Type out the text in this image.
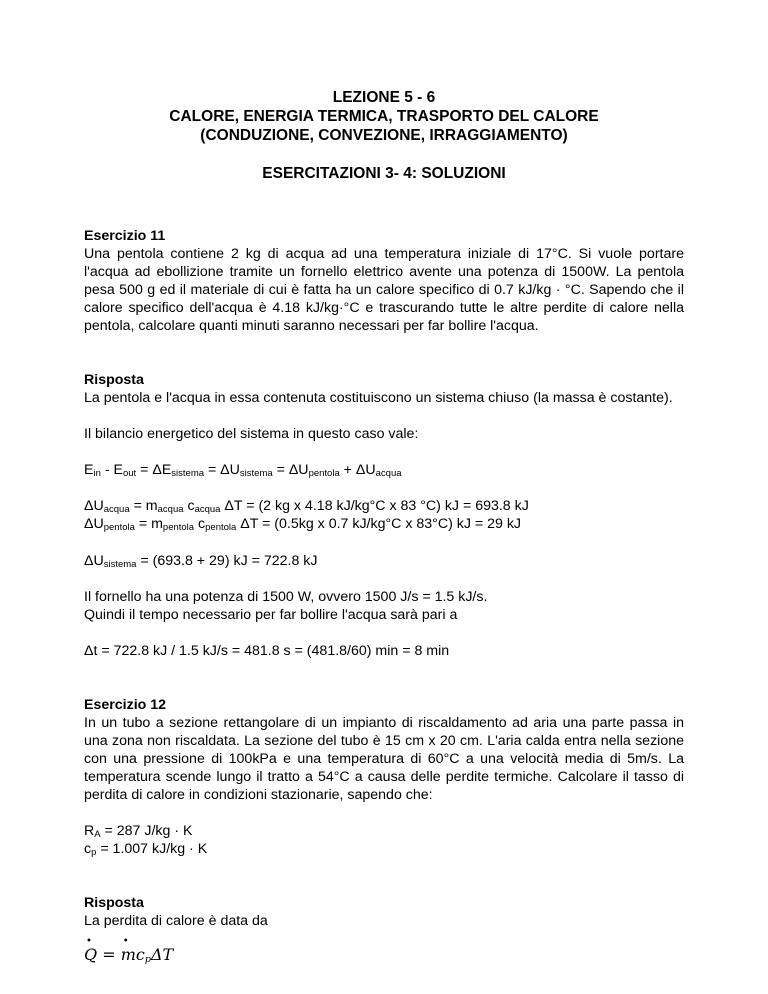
LEZIONE 5 - 6
CALORE, ENERGIA TERMICA, TRASPORTO DEL CALORE
(CONDUZIONE, CONVEZIONE, IRRAGGIAMENTO)
ESERCITAZIONI 3- 4: SOLUZIONI
Esercizio 11
Una pentola contiene 2 kg di acqua ad una temperatura iniziale di 17°C. Si vuole portare l'acqua ad ebollizione tramite un fornello elettrico avente una potenza di 1500W. La pentola pesa 500 g ed il materiale di cui è fatta ha un calore specifico di 0.7 kJ/kg · °C. Sapendo che il calore specifico dell'acqua è 4.18 kJ/kg·°C e trascurando tutte le altre perdite di calore nella pentola, calcolare quanti minuti saranno necessari per far bollire l'acqua.
Risposta
La pentola e l'acqua in essa contenuta costituiscono un sistema chiuso (la massa è costante).
Il bilancio energetico del sistema in questo caso vale:
$E_{in} - E_{out} = \Delta E_{sistema} = \Delta U_{sistema} = \Delta U_{pentola} + \Delta U_{acqua}$
$\Delta U_{acqua} = m_{acqua}$ $c_{acqua}$ ΔT = (2 kg x 4.18 kJ/kg°C x 83 °C) kJ = 693.8 kJ
$\Delta U_{pentola} = m_{pentola}$ $c_{pentola}$ ΔT = (0.5kg x 0.7 kJ/kg°C x 83°C) kJ = 29 kJ
$\Delta U_{sistema} = (693.8 + 29)$ kJ = 722.8 kJ
Il fornello ha una potenza di 1500 W, ovvero 1500 J/s = 1.5 kJ/s.
Quindi il tempo necessario per far bollire l'acqua sarà pari a
Δt = 722.8 kJ / 1.5 kJ/s = 481.8 s = (481.8/60) min = 8 min
Esercizio 12
In un tubo a sezione rettangolare di un impianto di riscaldamento ad aria una parte passa in una zona non riscaldata. La sezione del tubo è 15 cm x 20 cm. L'aria calda entra nella sezione con una pressione di 100kPa e una temperatura di 60°C a una velocità media di 5m/s. La temperatura scende lungo il tratto a 54°C a causa delle perdite termiche. Calcolare il tasso di perdita di calore in condizioni stazionarie, sapendo che:
$R_A = 287$ J/kg · K
$c_p = 1.007$ kJ/kg · K
Risposta
La perdita di calore è data da
• Q = • $mc_p\Delta T$
